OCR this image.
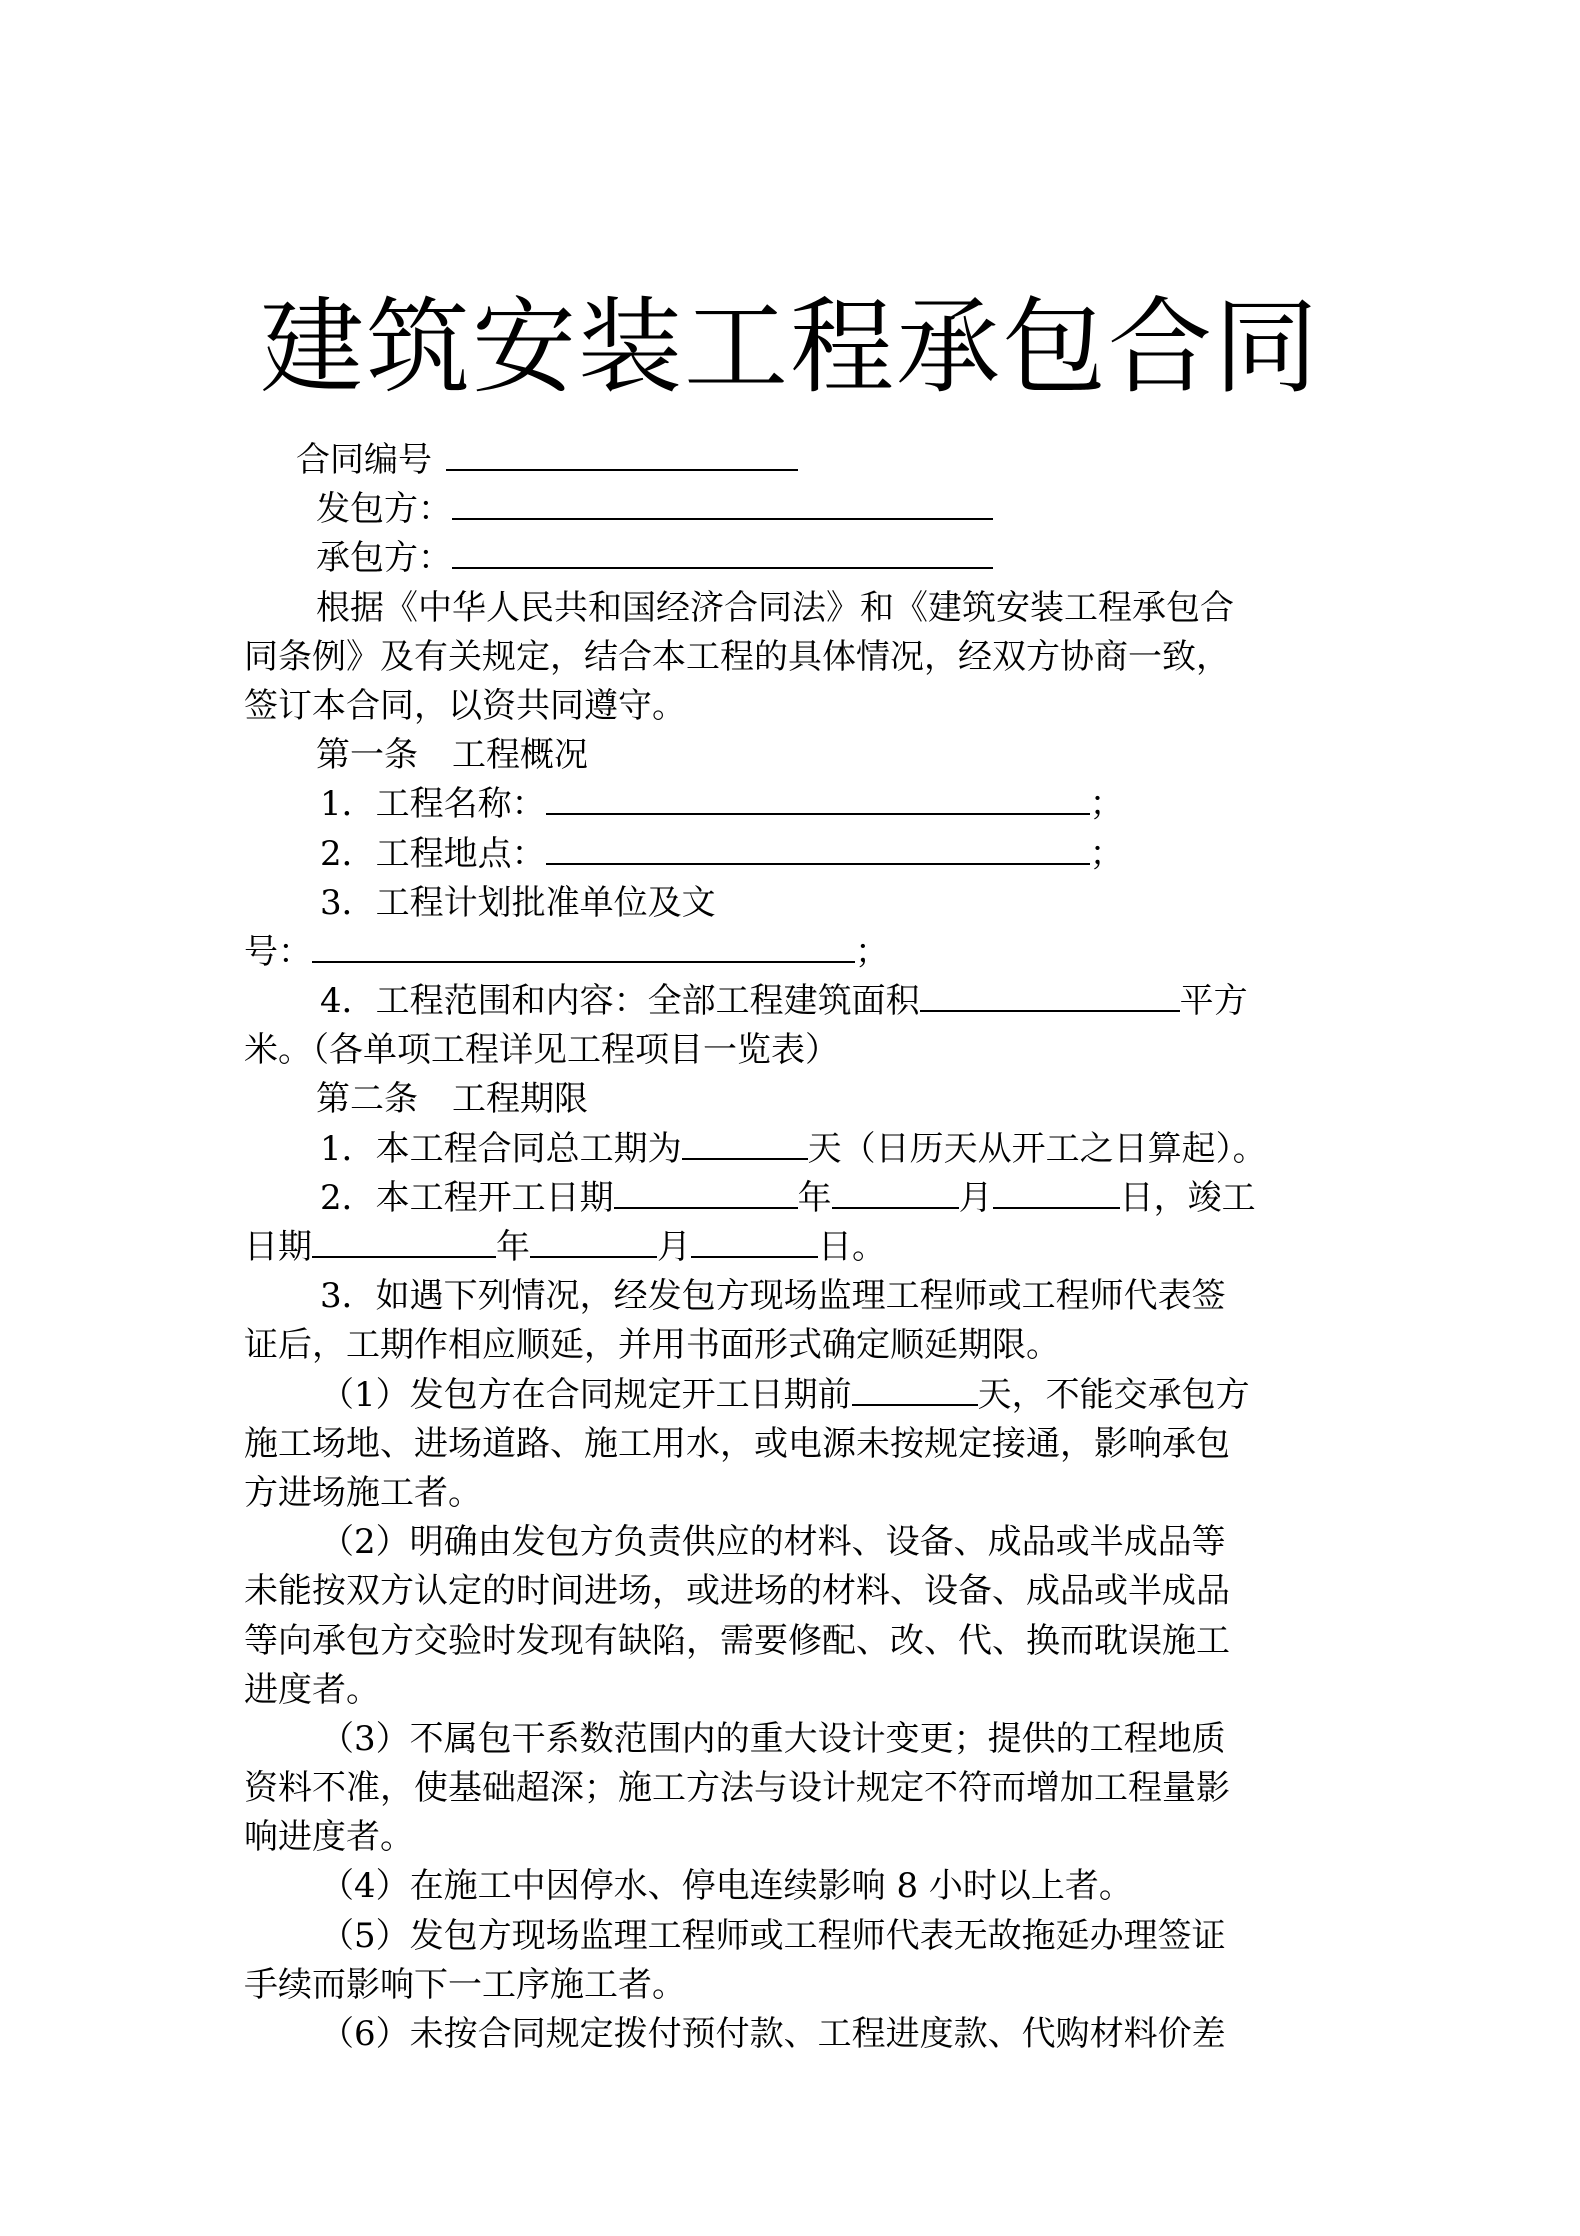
建筑安装工程承包合同
合同编号
发包方：
承包方：
根据《中华人民共和国经济合同法》和《建筑安装工程承包合
同条例》及有关规定，结合本工程的具体情况，经双方协商一致，
签订本合同，以资共同遵守。
第一条　工程概况
1．工程名称：	；
2．工程地点：	；
3．工程计划批准单位及文
号：	；
4．工程范围和内容：全部工程建筑面积	平方
米。（各单项工程详见工程项目一览表）
第二条　工程期限
1．本工程合同总工期为	天（日历天从开工之日算起）。
2．本工程开工日期	年	月	日，竣工
日期	年	月	日。
3．如遇下列情况，经发包方现场监理工程师或工程师代表签
证后，工期作相应顺延，并用书面形式确定顺延期限。
（1）发包方在合同规定开工日期前	天，不能交承包方
施工场地、进场道路、施工用水，或电源未按规定接通，影响承包
方进场施工者。
（2）明确由发包方负责供应的材料、设备、成品或半成品等
未能按双方认定的时间进场，或进场的材料、设备、成品或半成品
等向承包方交验时发现有缺陷，需要修配、改、代、换而耽误施工
进度者。
（3）不属包干系数范围内的重大设计变更；提供的工程地质
资料不准，使基础超深；施工方法与设计规定不符而增加工程量影
响进度者。
（4）在施工中因停水、停电连续影响 8 小时以上者。
（5）发包方现场监理工程师或工程师代表无故拖延办理签证
手续而影响下一工序施工者。
（6）未按合同规定拨付预付款、工程进度款、代购材料价差
